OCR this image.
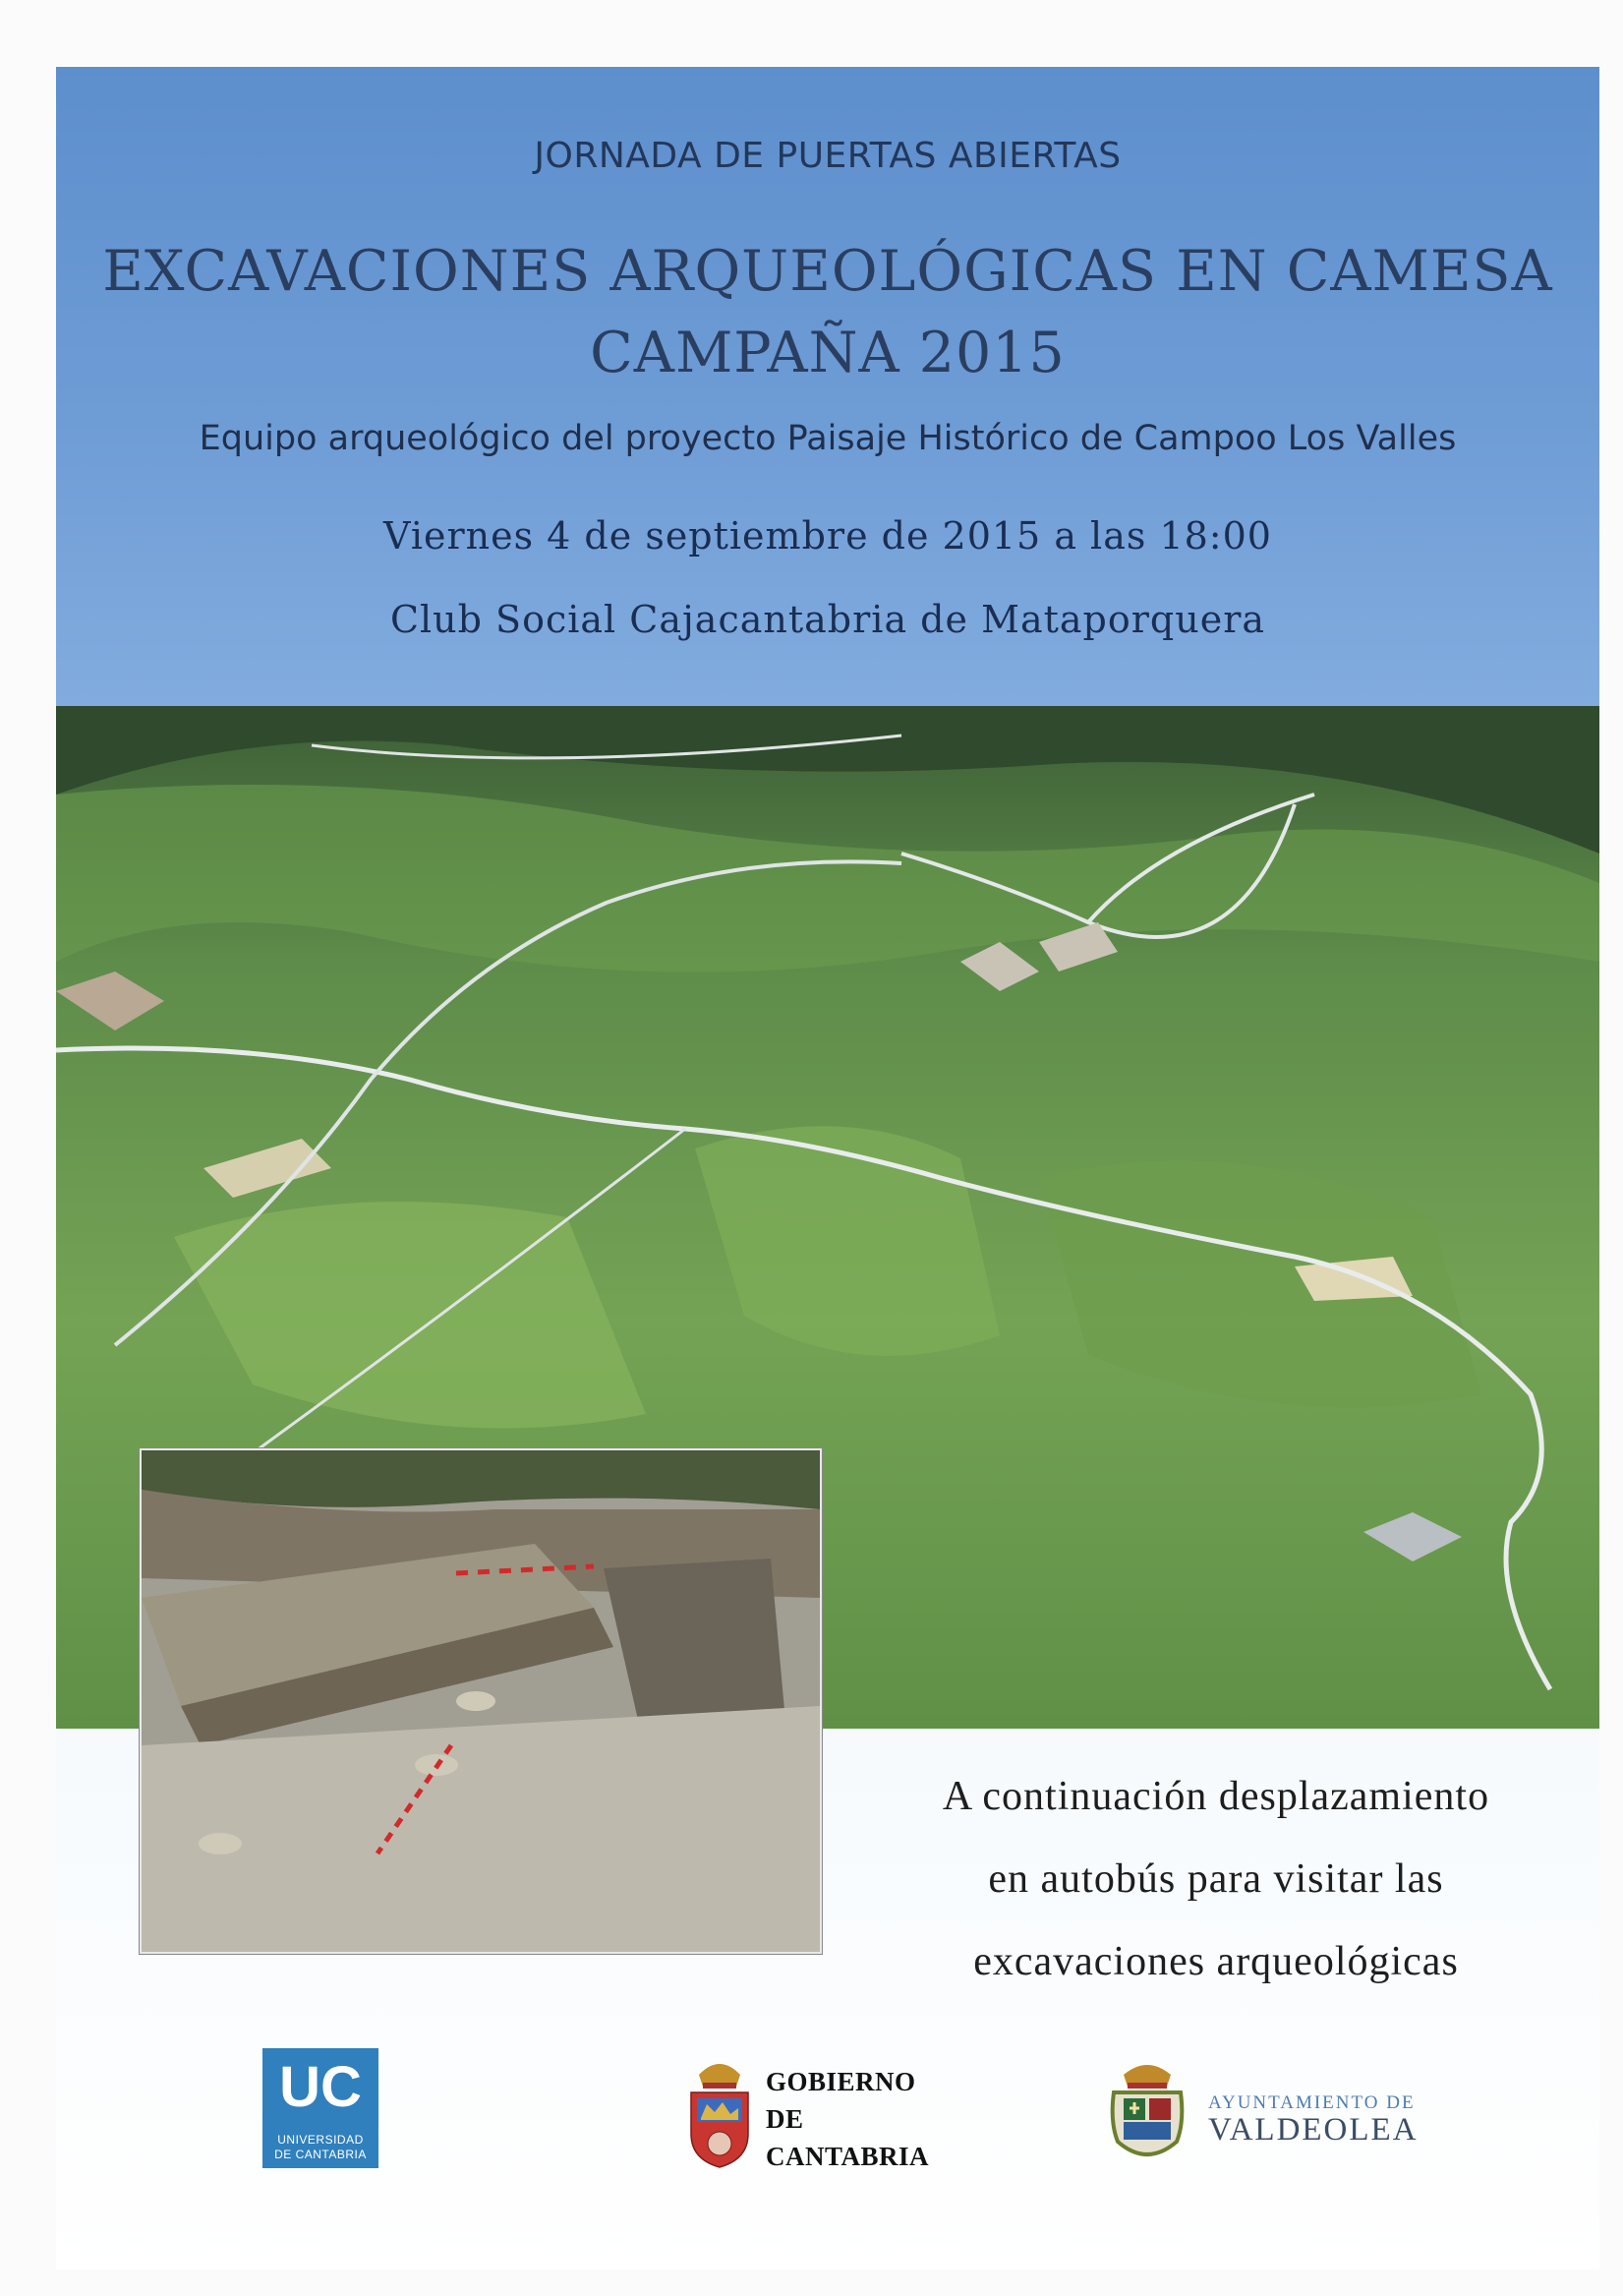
JORNADA DE PUERTAS ABIERTAS
EXCAVACIONES ARQUEOLÓGICAS EN CAMESA
CAMPAÑA 2015
Equipo arqueológico del proyecto Paisaje Histórico de Campoo Los Valles
Viernes 4 de septiembre de 2015 a las 18:00
Club Social Cajacantabria de Mataporquera
A continuación desplazamiento
en autobús para visitar las
excavaciones arqueológicas
UC
UNIVERSIDAD
DE CANTABRIA
GOBIERNO
DE
CANTABRIA
AYUNTAMIENTO DE
VALDEOLEA
